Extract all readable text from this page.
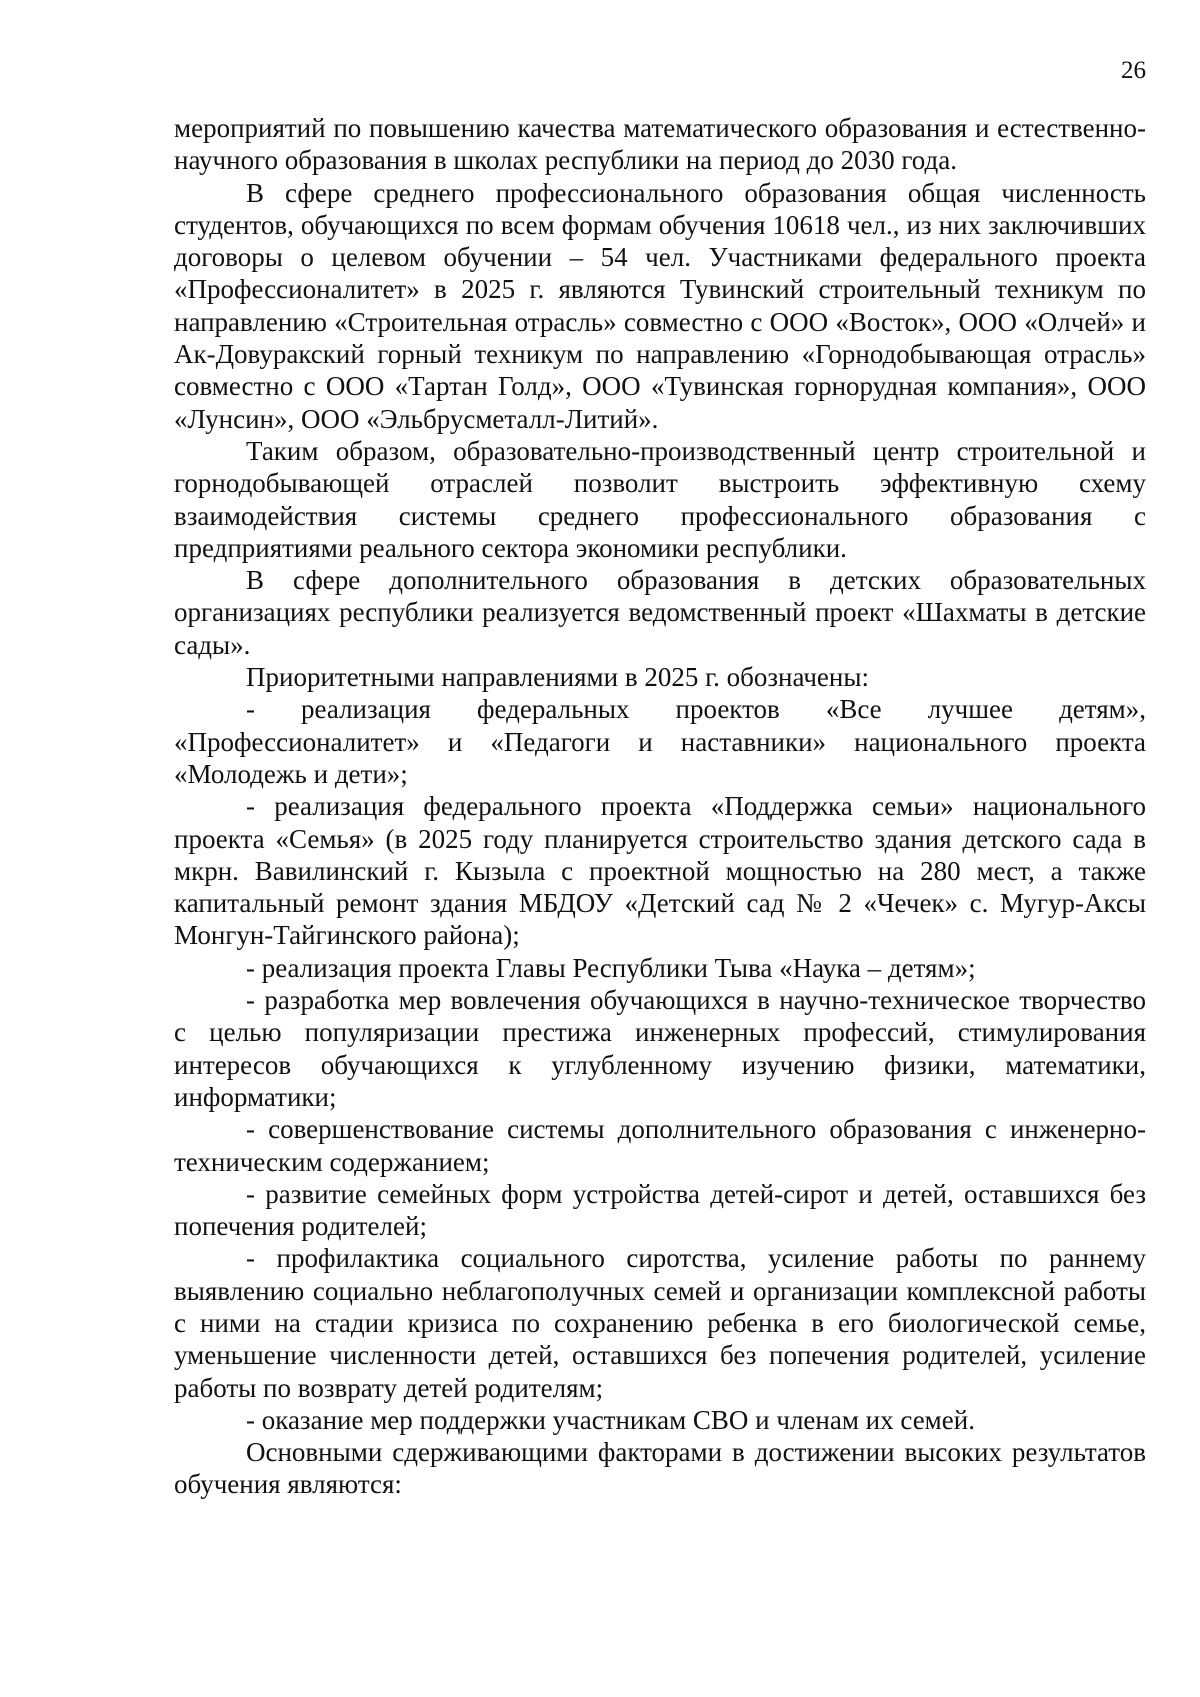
26

мероприятий по повышению качества математического образования и естественно-научного образования в школах республики на период до 2030 года.

В сфере среднего профессионального образования общая численность студентов, обучающихся по всем формам обучения 10618 чел., из них заключивших договоры о целевом обучении – 54 чел. Участниками федерального проекта «Профессионалитет» в 2025 г. являются Тувинский строительный техникум по направлению «Строительная отрасль» совместно с ООО «Восток», ООО «Олчей» и Ак-Довуракский горный техникум по направлению «Горнодобывающая отрасль» совместно с ООО «Тартан Голд», ООО «Тувинская горнорудная компания», ООО «Лунсин», ООО «Эльбрусметалл-Литий».

Таким образом, образовательно-производственный центр строительной и горнодобывающей отраслей позволит выстроить эффективную схему взаимодействия системы среднего профессионального образования с предприятиями реального сектора экономики республики.

В сфере дополнительного образования в детских образовательных организациях республики реализуется ведомственный проект «Шахматы в детские сады».

Приоритетными направлениями в 2025 г. обозначены:

- реализация федеральных проектов «Все лучшее детям», «Профессионалитет» и «Педагоги и наставники» национального проекта «Молодежь и дети»;

- реализация федерального проекта «Поддержка семьи» национального проекта «Семья» (в 2025 году планируется строительство здания детского сада в мкрн. Вавилинский г. Кызыла с проектной мощностью на 280 мест, а также капитальный ремонт здания МБДОУ «Детский сад № 2 «Чечек» с. Мугур-Аксы Монгун-Тайгинского района);

- реализация проекта Главы Республики Тыва «Наука – детям»;

- разработка мер вовлечения обучающихся в научно-техническое творчество с целью популяризации престижа инженерных профессий, стимулирования интересов обучающихся к углубленному изучению физики, математики, информатики;

- совершенствование системы дополнительного образования с инженерно-техническим содержанием;

- развитие семейных форм устройства детей-сирот и детей, оставшихся без попечения родителей;

- профилактика социального сиротства, усиление работы по раннему выявлению социально неблагополучных семей и организации комплексной работы с ними на стадии кризиса по сохранению ребенка в его биологической семье, уменьшение численности детей, оставшихся без попечения родителей, усиление работы по возврату детей родителям;

- оказание мер поддержки участникам СВО и членам их семей.

Основными сдерживающими факторами в достижении высоких результатов обучения являются:
